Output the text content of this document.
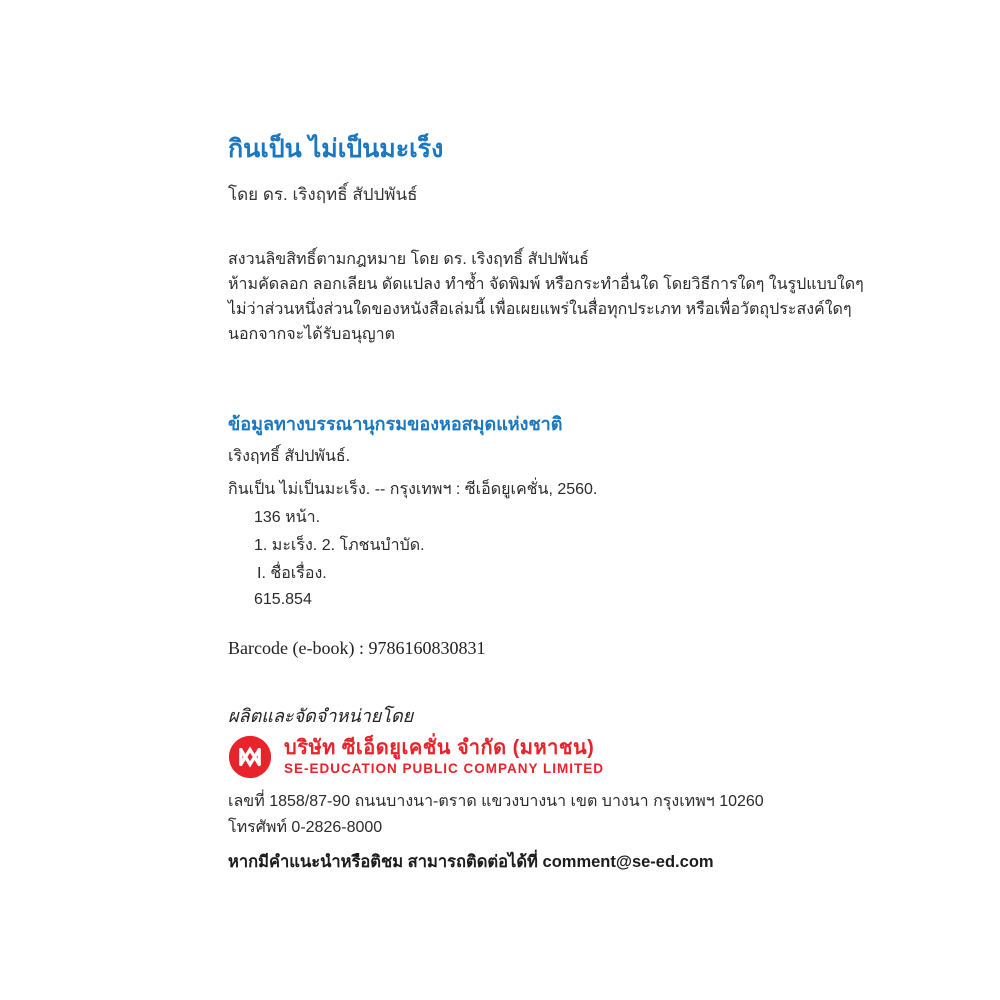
กินเป็น ไม่เป็นมะเร็ง
โดย ดร. เริงฤทธิ์ สัปปพันธ์
สงวนลิขสิทธิ์ตามกฎหมาย โดย ดร. เริงฤทธิ์ สัปปพันธ์
ห้ามคัดลอก ลอกเลียน ดัดแปลง ทำซ้ำ จัดพิมพ์ หรือกระทำอื่นใด โดยวิธีการใดๆ ในรูปแบบใดๆ
ไม่ว่าส่วนหนึ่งส่วนใดของหนังสือเล่มนี้ เพื่อเผยแพร่ในสื่อทุกประเภท หรือเพื่อวัตถุประสงค์ใดๆ
นอกจากจะได้รับอนุญาต
ข้อมูลทางบรรณานุกรมของหอสมุดแห่งชาติ
เริงฤทธิ์ สัปปพันธ์.
กินเป็น ไม่เป็นมะเร็ง. -- กรุงเทพฯ : ซีเอ็ดยูเคชั่น, 2560.
136 หน้า.
1. มะเร็ง. 2. โภชนบำบัด.
I. ชื่อเรื่อง.
615.854
Barcode (e-book) : 9786160830831
ผลิตและจัดจำหน่ายโดย
บริษัท ซีเอ็ดยูเคชั่น จำกัด (มหาชน)
SE-EDUCATION PUBLIC COMPANY LIMITED
เลขที่ 1858/87-90 ถนนบางนา-ตราด แขวงบางนา เขต บางนา กรุงเทพฯ 10260
โทรศัพท์ 0-2826-8000
หากมีคำแนะนำหรือติชม สามารถติดต่อได้ที่ comment@se-ed.com
